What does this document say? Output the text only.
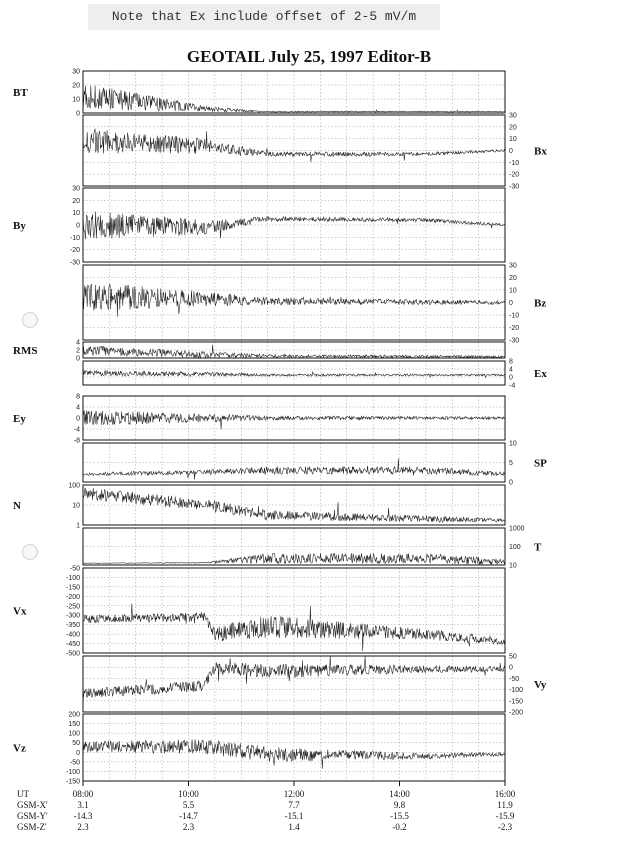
Note that Ex include offset of 2-5 mV/m
GEOTAIL July 25, 1997 Editor-B
30
20
10
0
BT
30
20
10
0
-10
-20
-30
Bx
30
20
10
0
-10
-20
-30
By
30
20
10
0
-10
-20
-30
Bz
4
2
0
RMS
8
4
0
-4
Ex
8
4
0
-4
-8
Ey
10
5
0
SP
100
10
1
N
1000
100
10
T
-50
-100
-150
-200
-250
-300
-350
-400
-450
-500
Vx
50
0
-50
-100
-150
-200
Vy
200
150
100
50
0
-50
-100
-150
Vz
UT	08:00	10:00	12:00	14:00	16:00
GSM-X'	3.1	5.5	7.7	9.8	11.9
GSM-Y'	-14.3	-14.7	-15.1	-15.5	-15.9
GSM-Z'	2.3	2.3	1.4	-0.2	-2.3
